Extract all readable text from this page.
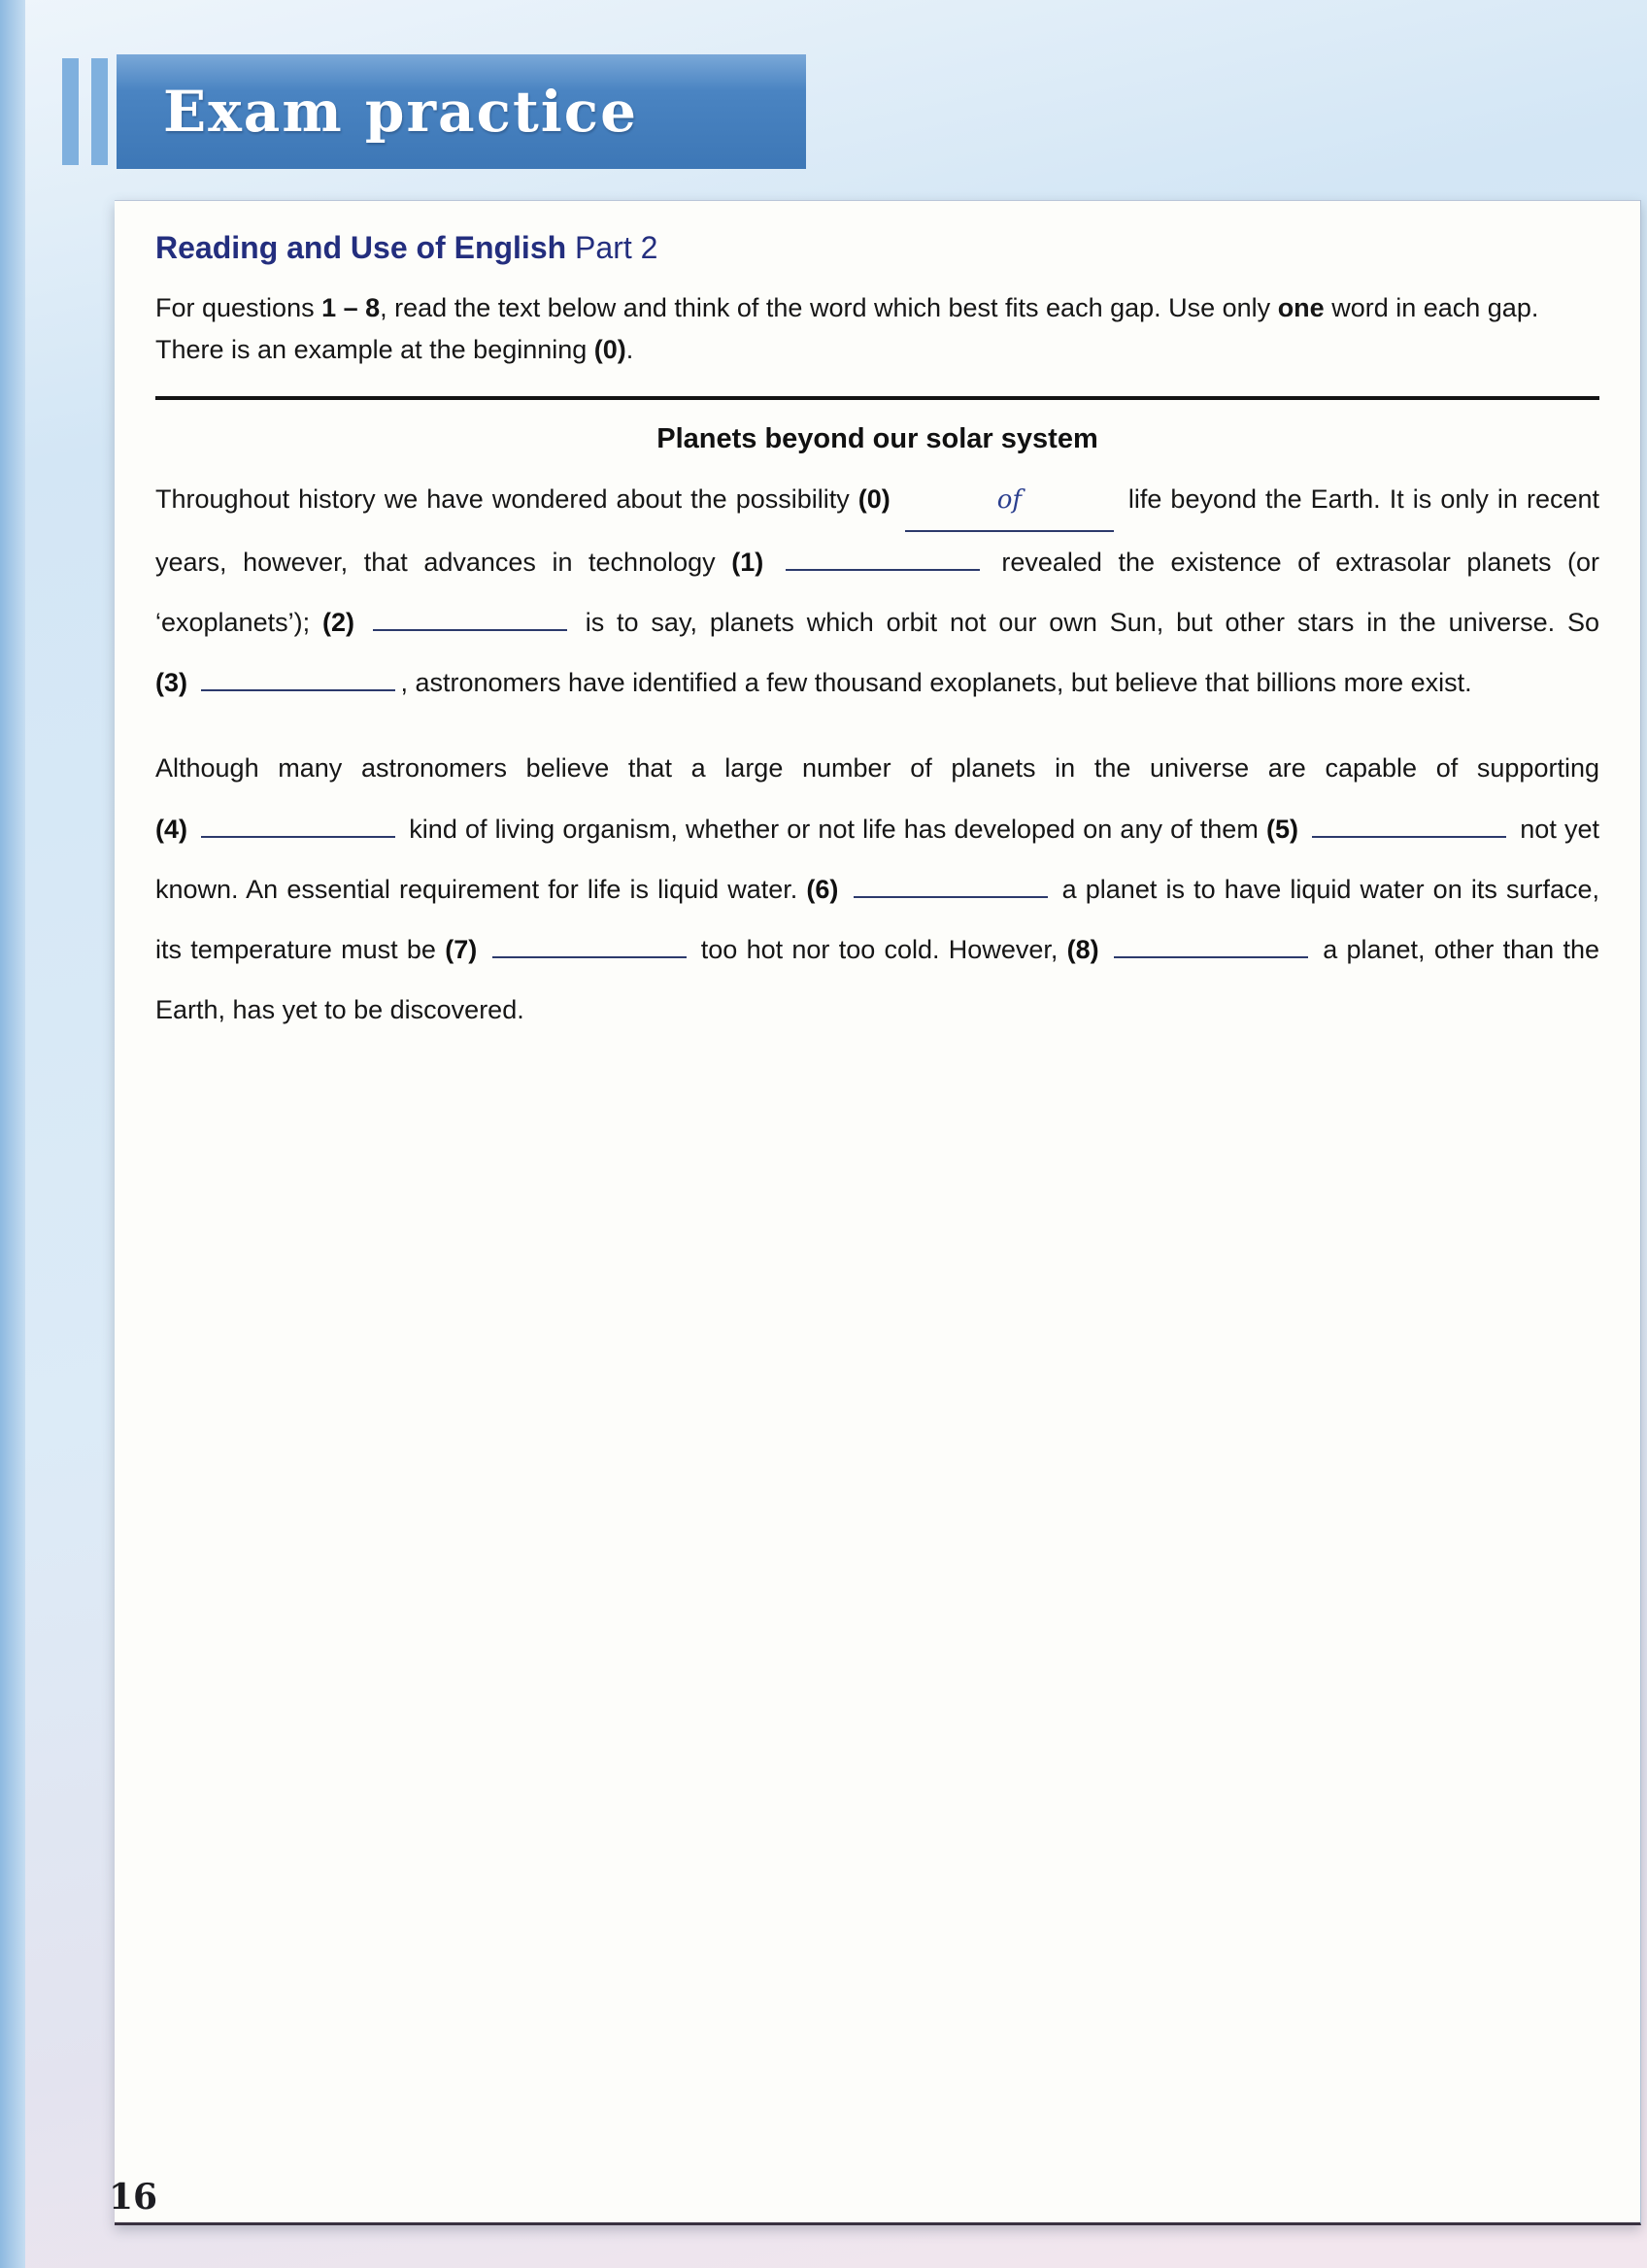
Exam practice
Reading and Use of English Part 2

For questions 1 – 8, read the text below and think of the word which best fits each gap. Use only one word in each gap. There is an example at the beginning (0).

Planets beyond our solar system

Throughout history we have wondered about the possibility (0)	of	life beyond the Earth. It is only in recent years, however, that advances in technology (1)	revealed the existence of extrasolar planets (or ‘exoplanets’); (2)	is to say, planets which orbit not our own Sun, but other stars in the universe. So (3)	, astronomers have identified a few thousand exoplanets, but believe that billions more exist.

Although many astronomers believe that a large number of planets in the universe are capable of supporting (4)	kind of living organism, whether or not life has developed on any of them (5)	not yet known. An essential requirement for life is liquid water. (6)	a planet is to have liquid water on its surface, its temperature must be (7)	too hot nor too cold. However, (8)	a planet, other than the Earth, has yet to be discovered.

16
